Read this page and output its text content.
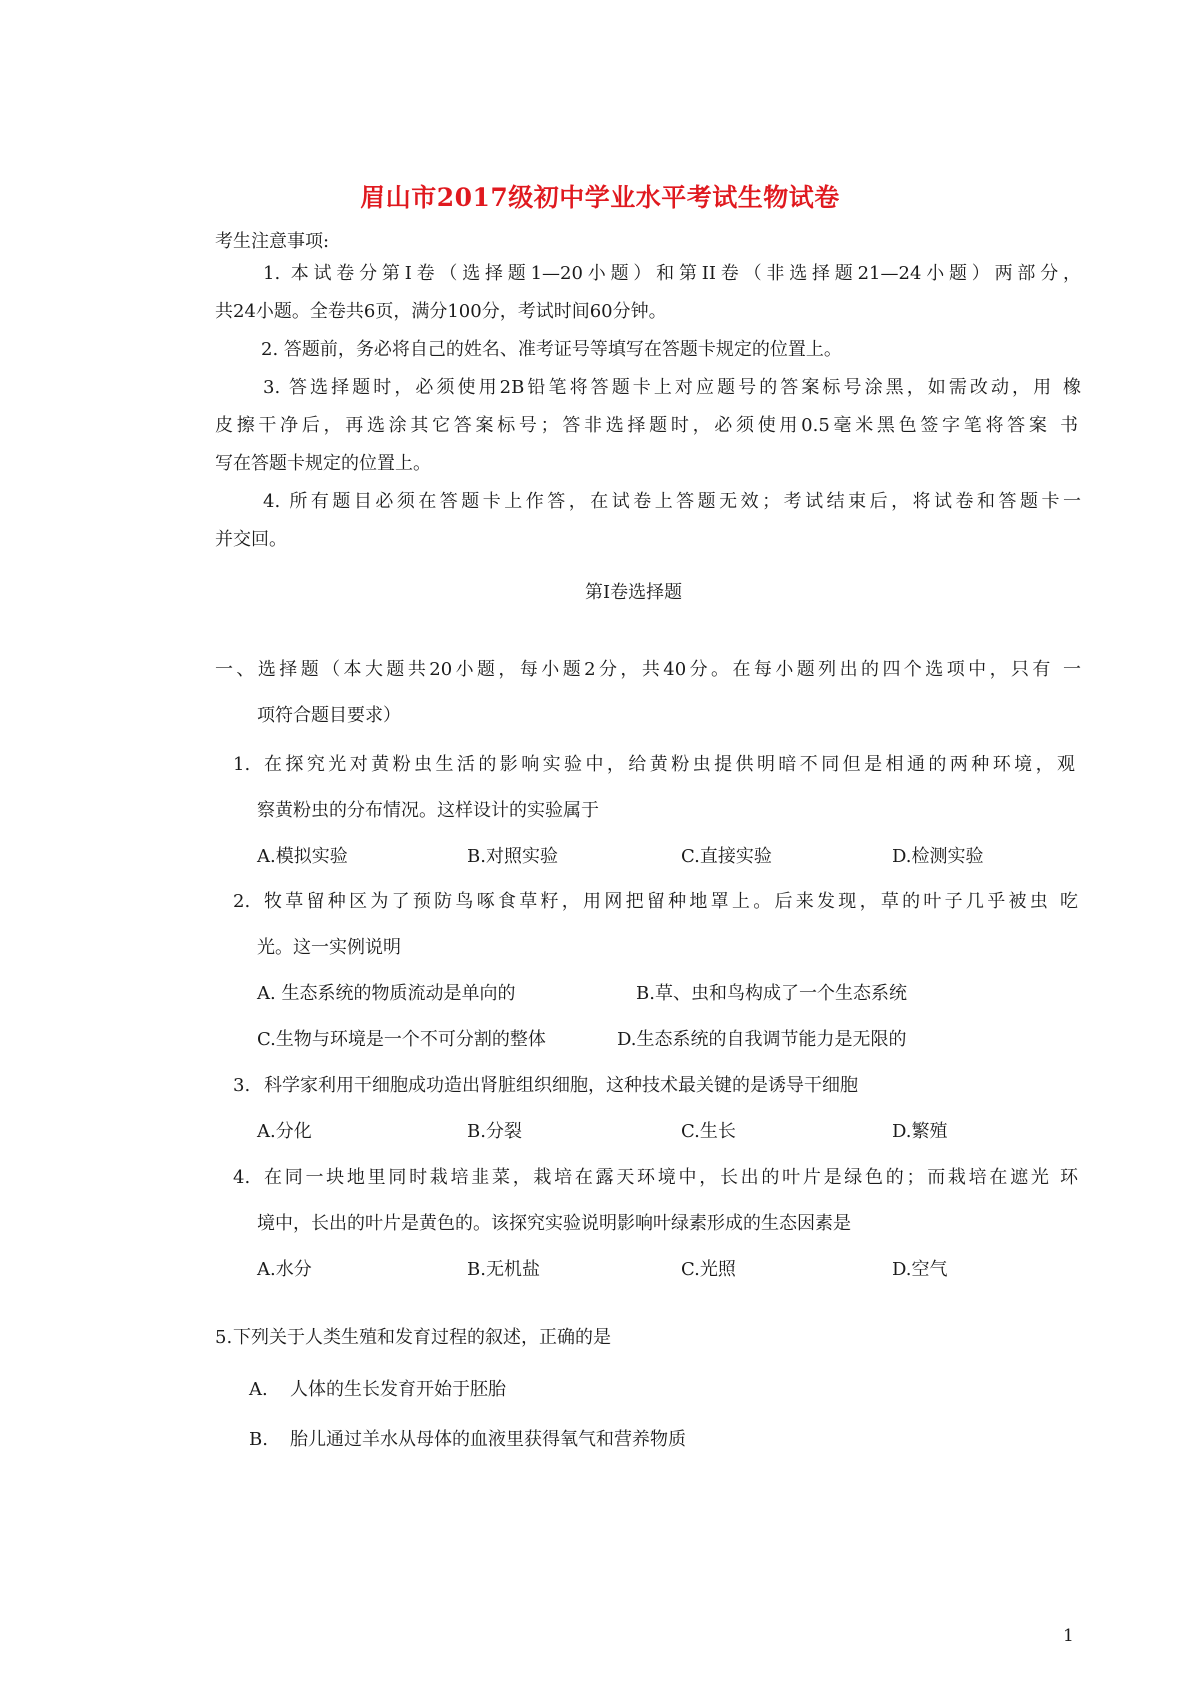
眉山市2017级初中学业水平考试生物试卷
考生注意事项:
1. 本试卷分第Ⅰ卷（选择题1—20小题）和第II卷（非选择题21—24小题）两部分，
共24小题。全卷共6页，满分100分，考试时间60分钟。
2. 答题前，务必将自己的姓名、准考证号等填写在答题卡规定的位置上。
3. 答选择题时，必须使用2B铅笔将答题卡上对应题号的答案标号涂黑，如需改动，用 橡
皮擦干净后，再选涂其它答案标号；答非选择题时，必须使用0.5毫米黑色签字笔将答案 书
写在答题卡规定的位置上。
4. 所有题目必须在答题卡上作答，在试卷上答题无效；考试结束后，将试卷和答题卡一
并交回。
第Ⅰ卷选择题
一、选择题（本大题共20小题，每小题2分，共40分。在每小题列出的四个选项中，只有 一
项符合题目要求）
1. 在探究光对黄粉虫生活的影响实验中，给黄粉虫提供明暗不同但是相通的两种环境，观
察黄粉虫的分布情况。这样设计的实验属于
A.模拟实验	B.对照实验	C.直接实验	D.检测实验
2. 牧草留种区为了预防鸟啄食草籽，用网把留种地罩上。后来发现，草的叶子几乎被虫 吃
光。这一实例说明
A. 生态系统的物质流动是单向的	B.草、虫和鸟构成了一个生态系统
C.生物与环境是一个不可分割的整体	D.生态系统的自我调节能力是无限的
3. 科学家利用干细胞成功造出肾脏组织细胞，这种技术最关键的是诱导干细胞
A.分化	B.分裂	C.生长	D.繁殖
4. 在同一块地里同时栽培韭菜，栽培在露天环境中，长出的叶片是绿色的；而栽培在遮光 环
境中，长出的叶片是黄色的。该探究实验说明影响叶绿素形成的生态因素是
A.水分	B.无机盐	C.光照	D.空气
5. 下列关于人类生殖和发育过程的叙述，正确的是
A. 人体的生长发育开始于胚胎
B. 胎儿通过羊水从母体的血液里获得氧气和营养物质
1
